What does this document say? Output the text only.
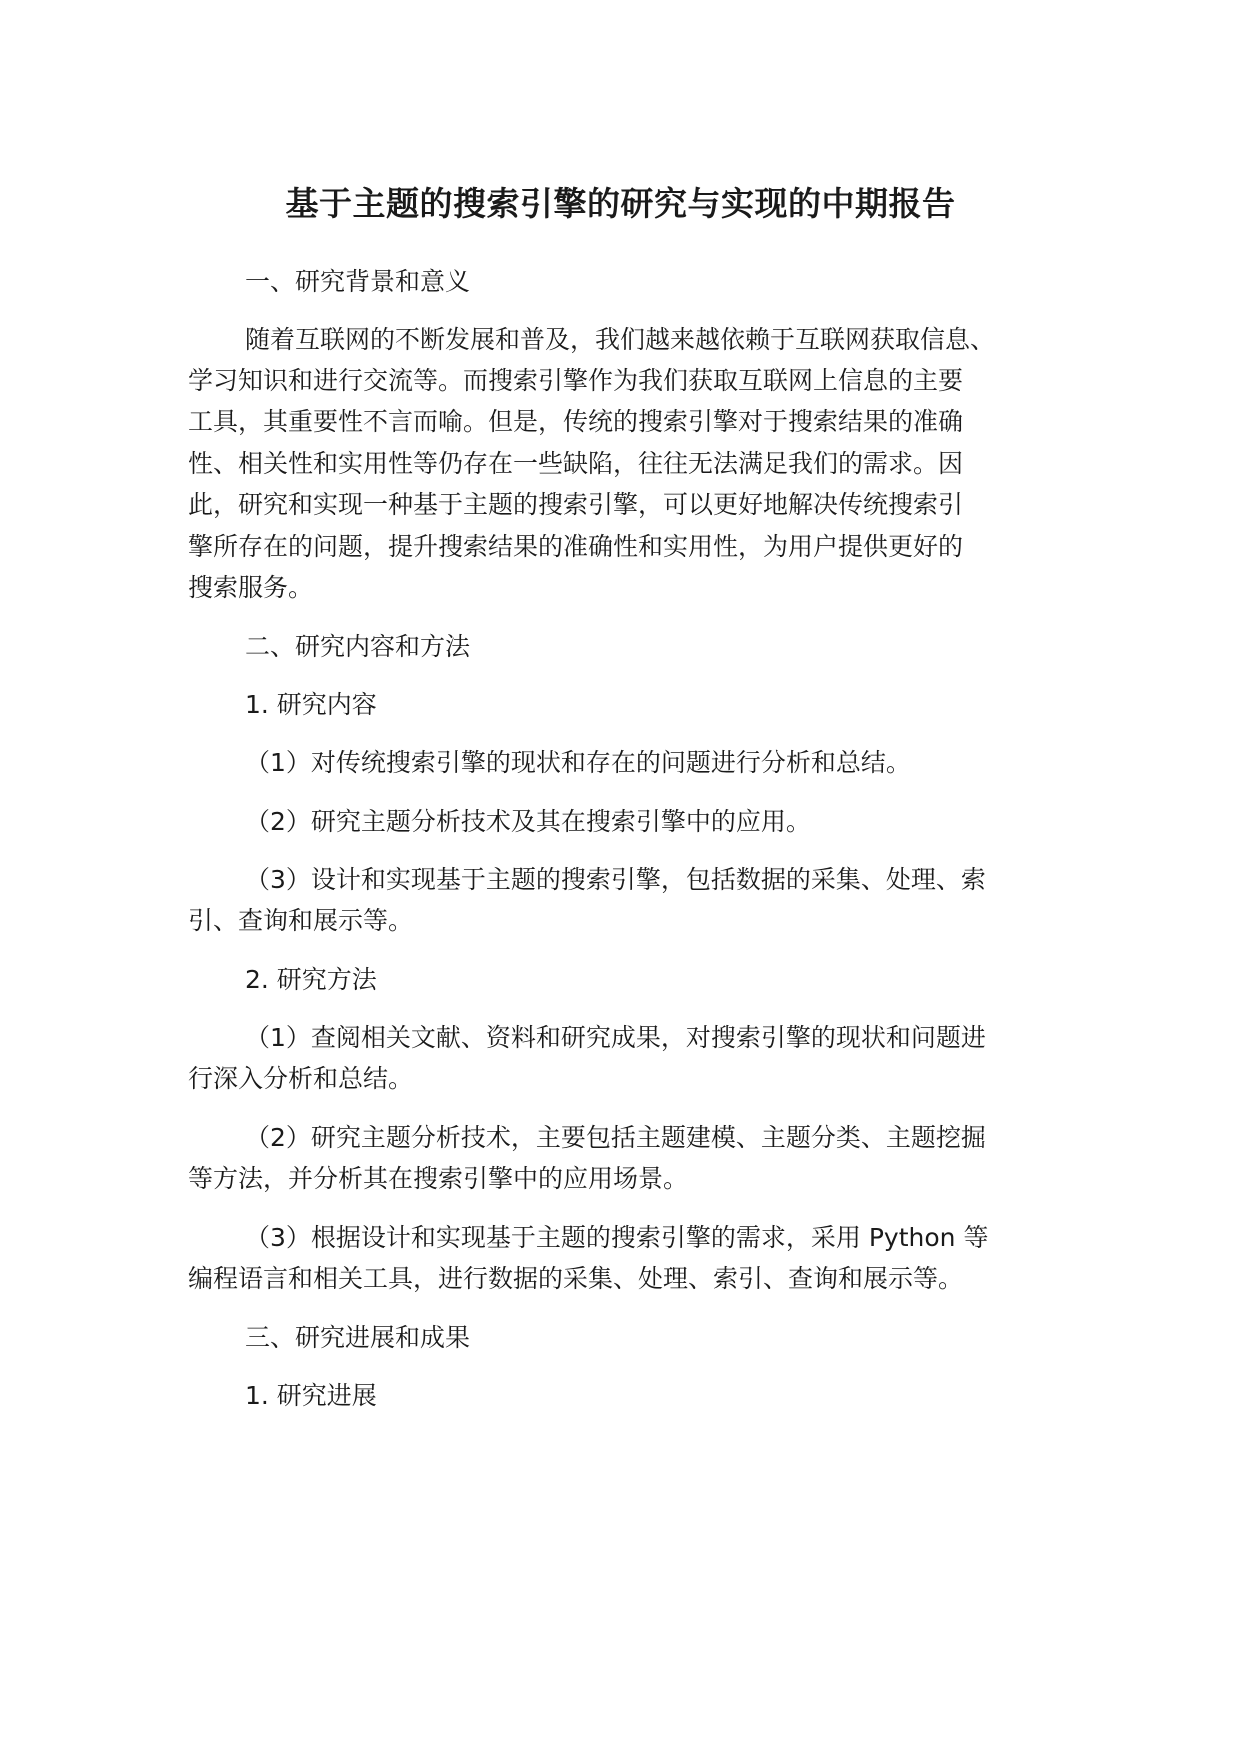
基于主题的搜索引擎的研究与实现的中期报告
一、研究背景和意义
随着互联网的不断发展和普及，我们越来越依赖于互联网获取信息、
学习知识和进行交流等。而搜索引擎作为我们获取互联网上信息的主要
工具，其重要性不言而喻。但是，传统的搜索引擎对于搜索结果的准确
性、相关性和实用性等仍存在一些缺陷，往往无法满足我们的需求。因
此，研究和实现一种基于主题的搜索引擎，可以更好地解决传统搜索引
擎所存在的问题，提升搜索结果的准确性和实用性，为用户提供更好的
搜索服务。
二、研究内容和方法
1. 研究内容
（1）对传统搜索引擎的现状和存在的问题进行分析和总结。
（2）研究主题分析技术及其在搜索引擎中的应用。
（3）设计和实现基于主题的搜索引擎，包括数据的采集、处理、索
引、查询和展示等。
2. 研究方法
（1）查阅相关文献、资料和研究成果，对搜索引擎的现状和问题进
行深入分析和总结。
（2）研究主题分析技术，主要包括主题建模、主题分类、主题挖掘
等方法，并分析其在搜索引擎中的应用场景。
（3）根据设计和实现基于主题的搜索引擎的需求，采用 Python 等
编程语言和相关工具，进行数据的采集、处理、索引、查询和展示等。
三、研究进展和成果
1. 研究进展
